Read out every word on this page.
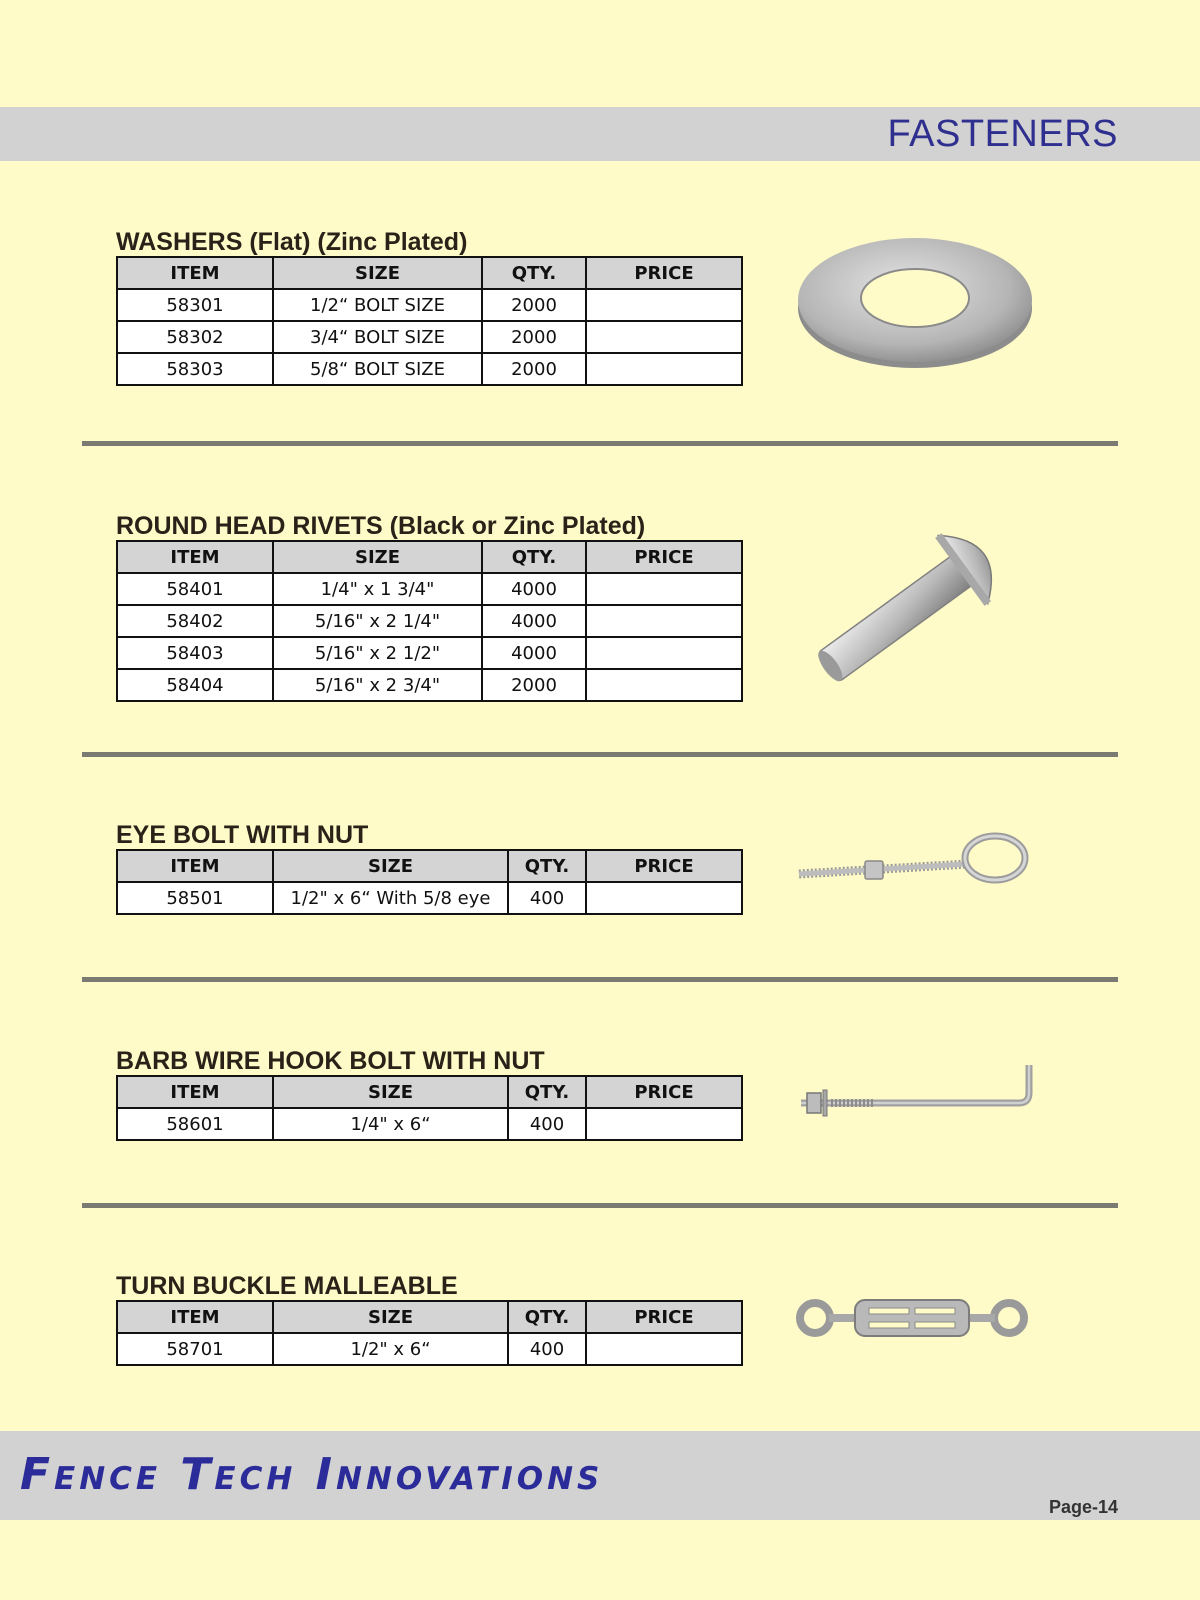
FASTENERS
WASHERS (Flat) (Zinc Plated)
ITEM	SIZE	QTY.	PRICE
58301	1/2“ BOLT SIZE	2000	
58302	3/4“ BOLT SIZE	2000	
58303	5/8“ BOLT SIZE	2000	
ROUND HEAD RIVETS (Black or Zinc Plated)
ITEM	SIZE	QTY.	PRICE
58401	1/4" x 1 3/4"	4000	
58402	5/16" x 2 1/4"	4000	
58403	5/16" x 2 1/2"	4000	
58404	5/16" x 2 3/4"	2000	
EYE BOLT WITH NUT
ITEM	SIZE	QTY.	PRICE
58501	1/2" x 6“ With 5/8 eye	400	
BARB WIRE HOOK BOLT WITH NUT
ITEM	SIZE	QTY.	PRICE
58601	1/4" x 6“	400	
TURN BUCKLE MALLEABLE
ITEM	SIZE	QTY.	PRICE
58701	1/2" x 6“	400	
Fence Tech Innovations
Page-14
